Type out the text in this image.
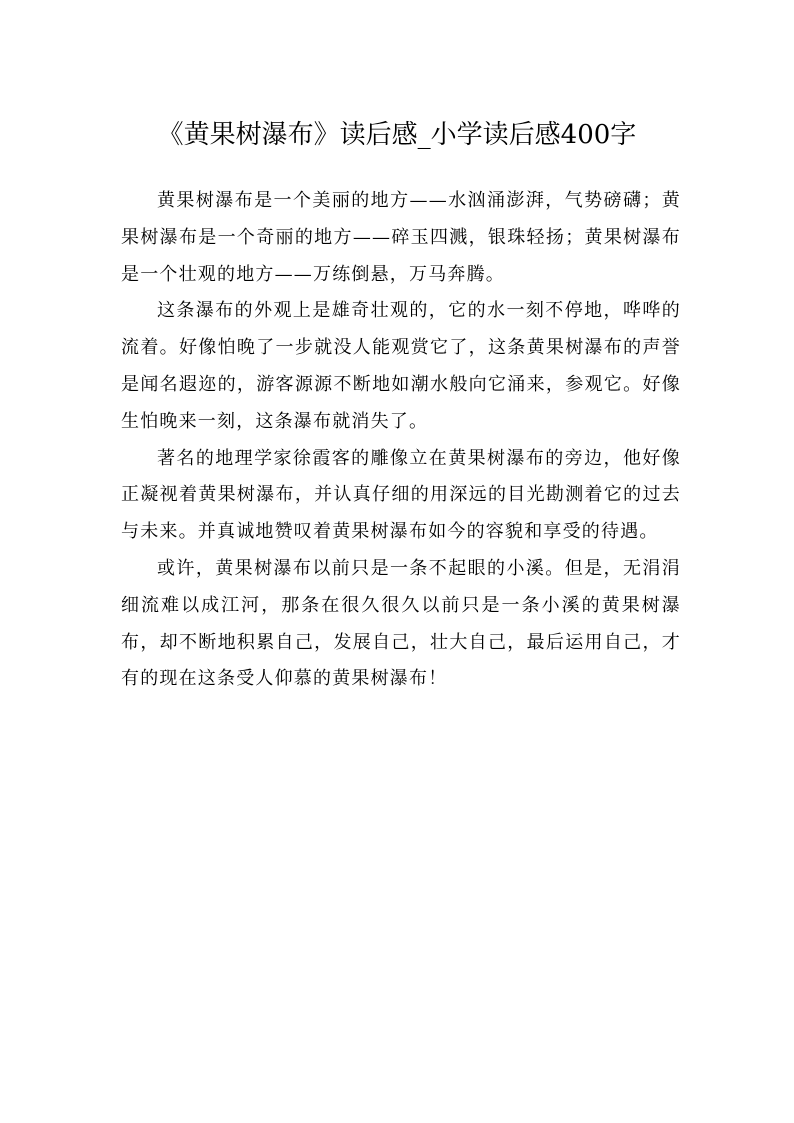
《黄果树瀑布》读后感_小学读后感400字

黄果树瀑布是一个美丽的地方——水汹涌澎湃，气势磅礴；黄果树瀑布是一个奇丽的地方——碎玉四溅，银珠轻扬；黄果树瀑布是一个壮观的地方——万练倒悬，万马奔腾。

这条瀑布的外观上是雄奇壮观的，它的水一刻不停地，哗哗的流着。好像怕晚了一步就没人能观赏它了，这条黄果树瀑布的声誉是闻名遐迩的，游客源源不断地如潮水般向它涌来，参观它。好像生怕晚来一刻，这条瀑布就消失了。

著名的地理学家徐霞客的雕像立在黄果树瀑布的旁边，他好像正凝视着黄果树瀑布，并认真仔细的用深远的目光勘测着它的过去与未来。并真诚地赞叹着黄果树瀑布如今的容貌和享受的待遇。

或许，黄果树瀑布以前只是一条不起眼的小溪。但是，无涓涓细流难以成江河，那条在很久很久以前只是一条小溪的黄果树瀑布，却不断地积累自己，发展自己，壮大自己，最后运用自己，才有的现在这条受人仰慕的黄果树瀑布！
